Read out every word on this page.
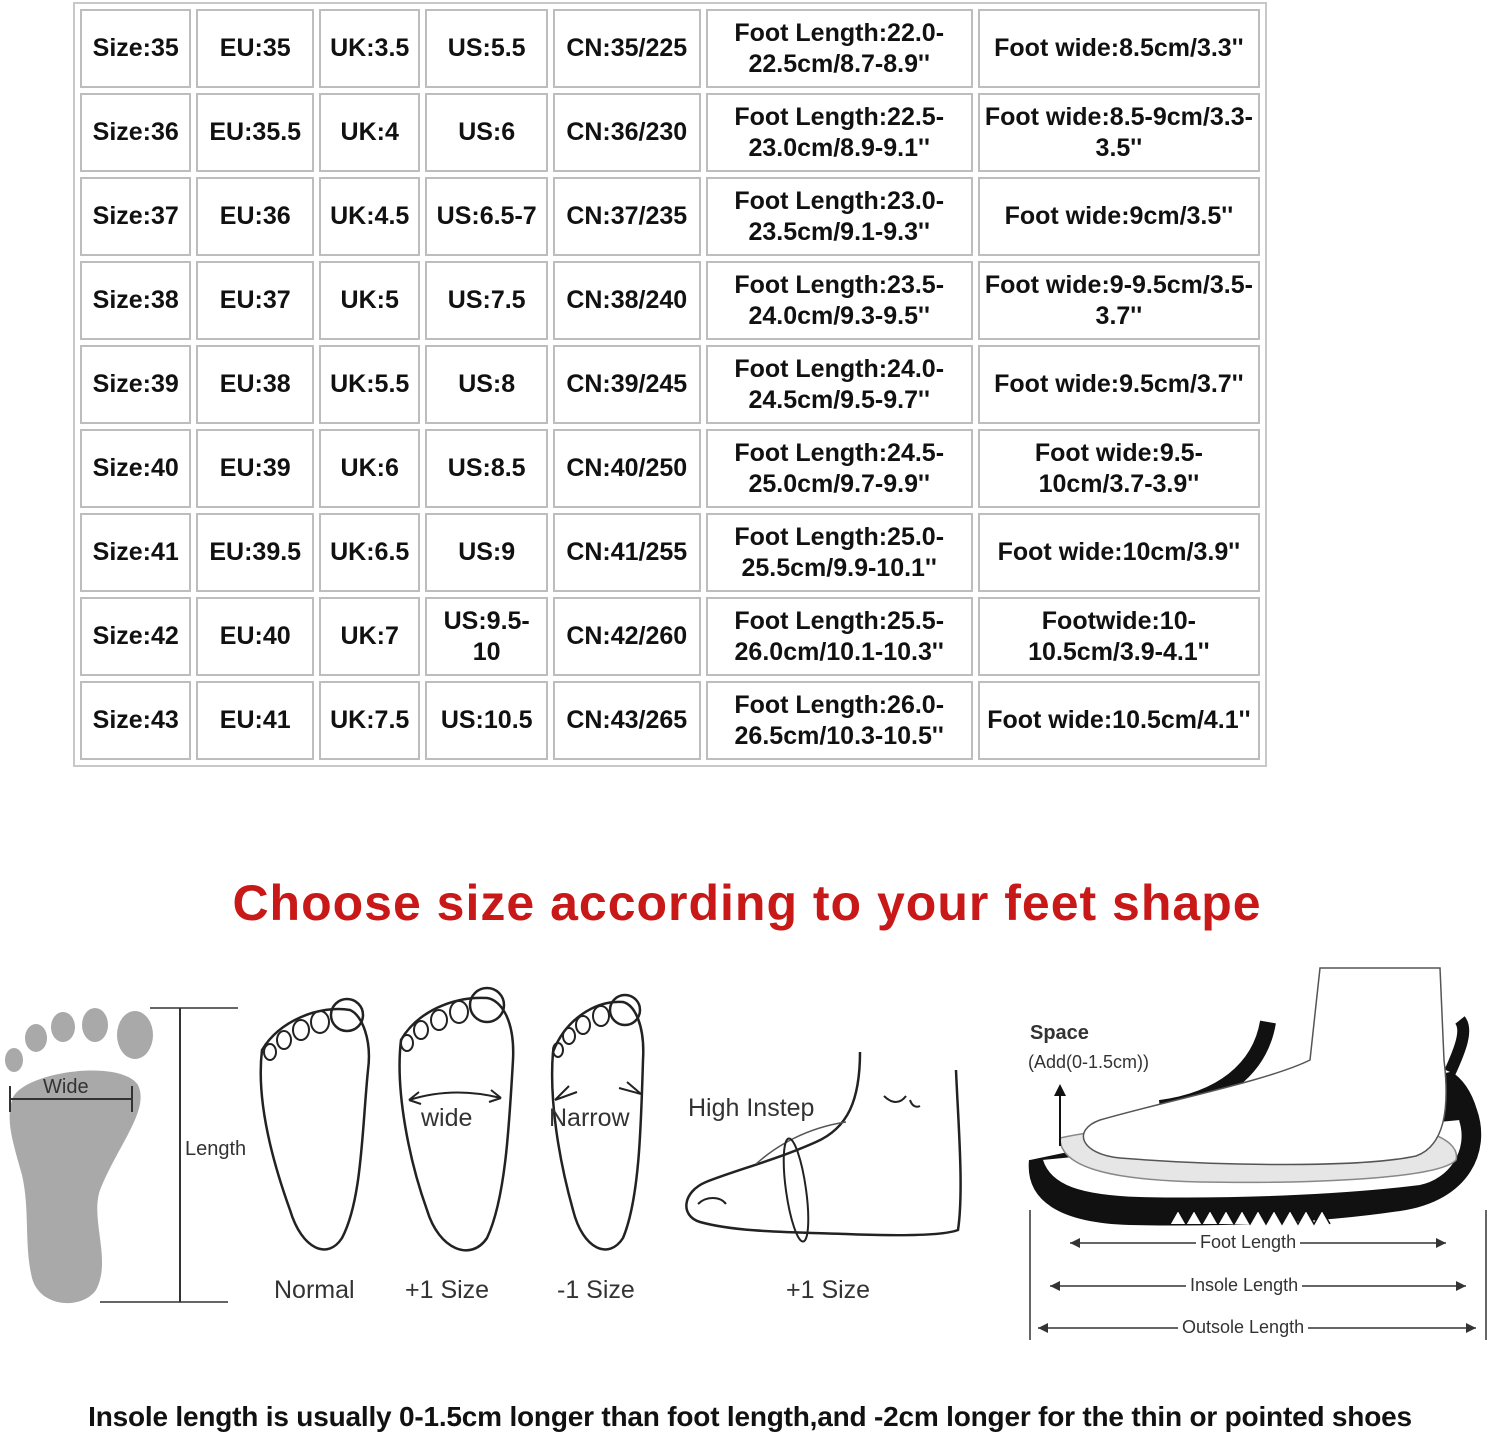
Size:35	EU:35	UK:3.5	US:5.5	CN:35/225	Foot Length:22.0-22.5cm/8.7-8.9''	Foot wide:8.5cm/3.3''
Size:36	EU:35.5	UK:4	US:6	CN:36/230	Foot Length:22.5-23.0cm/8.9-9.1''	Foot wide:8.5-9cm/3.3-3.5''
Size:37	EU:36	UK:4.5	US:6.5-7	CN:37/235	Foot Length:23.0-23.5cm/9.1-9.3''	Foot wide:9cm/3.5''
Size:38	EU:37	UK:5	US:7.5	CN:38/240	Foot Length:23.5-24.0cm/9.3-9.5''	Foot wide:9-9.5cm/3.5-3.7''
Size:39	EU:38	UK:5.5	US:8	CN:39/245	Foot Length:24.0-24.5cm/9.5-9.7''	Foot wide:9.5cm/3.7''
Size:40	EU:39	UK:6	US:8.5	CN:40/250	Foot Length:24.5-25.0cm/9.7-9.9''	Foot wide:9.5-10cm/3.7-3.9''
Size:41	EU:39.5	UK:6.5	US:9	CN:41/255	Foot Length:25.0-25.5cm/9.9-10.1''	Foot wide:10cm/3.9''
Size:42	EU:40	UK:7	US:9.5-10	CN:42/260	Foot Length:25.5-26.0cm/10.1-10.3''	Footwide:10-10.5cm/3.9-4.1''
Size:43	EU:41	UK:7.5	US:10.5	CN:43/265	Foot Length:26.0-26.5cm/10.3-10.5''	Foot wide:10.5cm/4.1''
Choose size according to your feet shape
Wide
Length
Normal
wide
+1 Size
Narrow
-1 Size
High Instep
+1 Size
Space
(Add(0-1.5cm))
Foot Length
Insole Length
Outsole Length
Insole length is usually 0-1.5cm longer than foot length,and -2cm longer for the thin or pointed shoes
